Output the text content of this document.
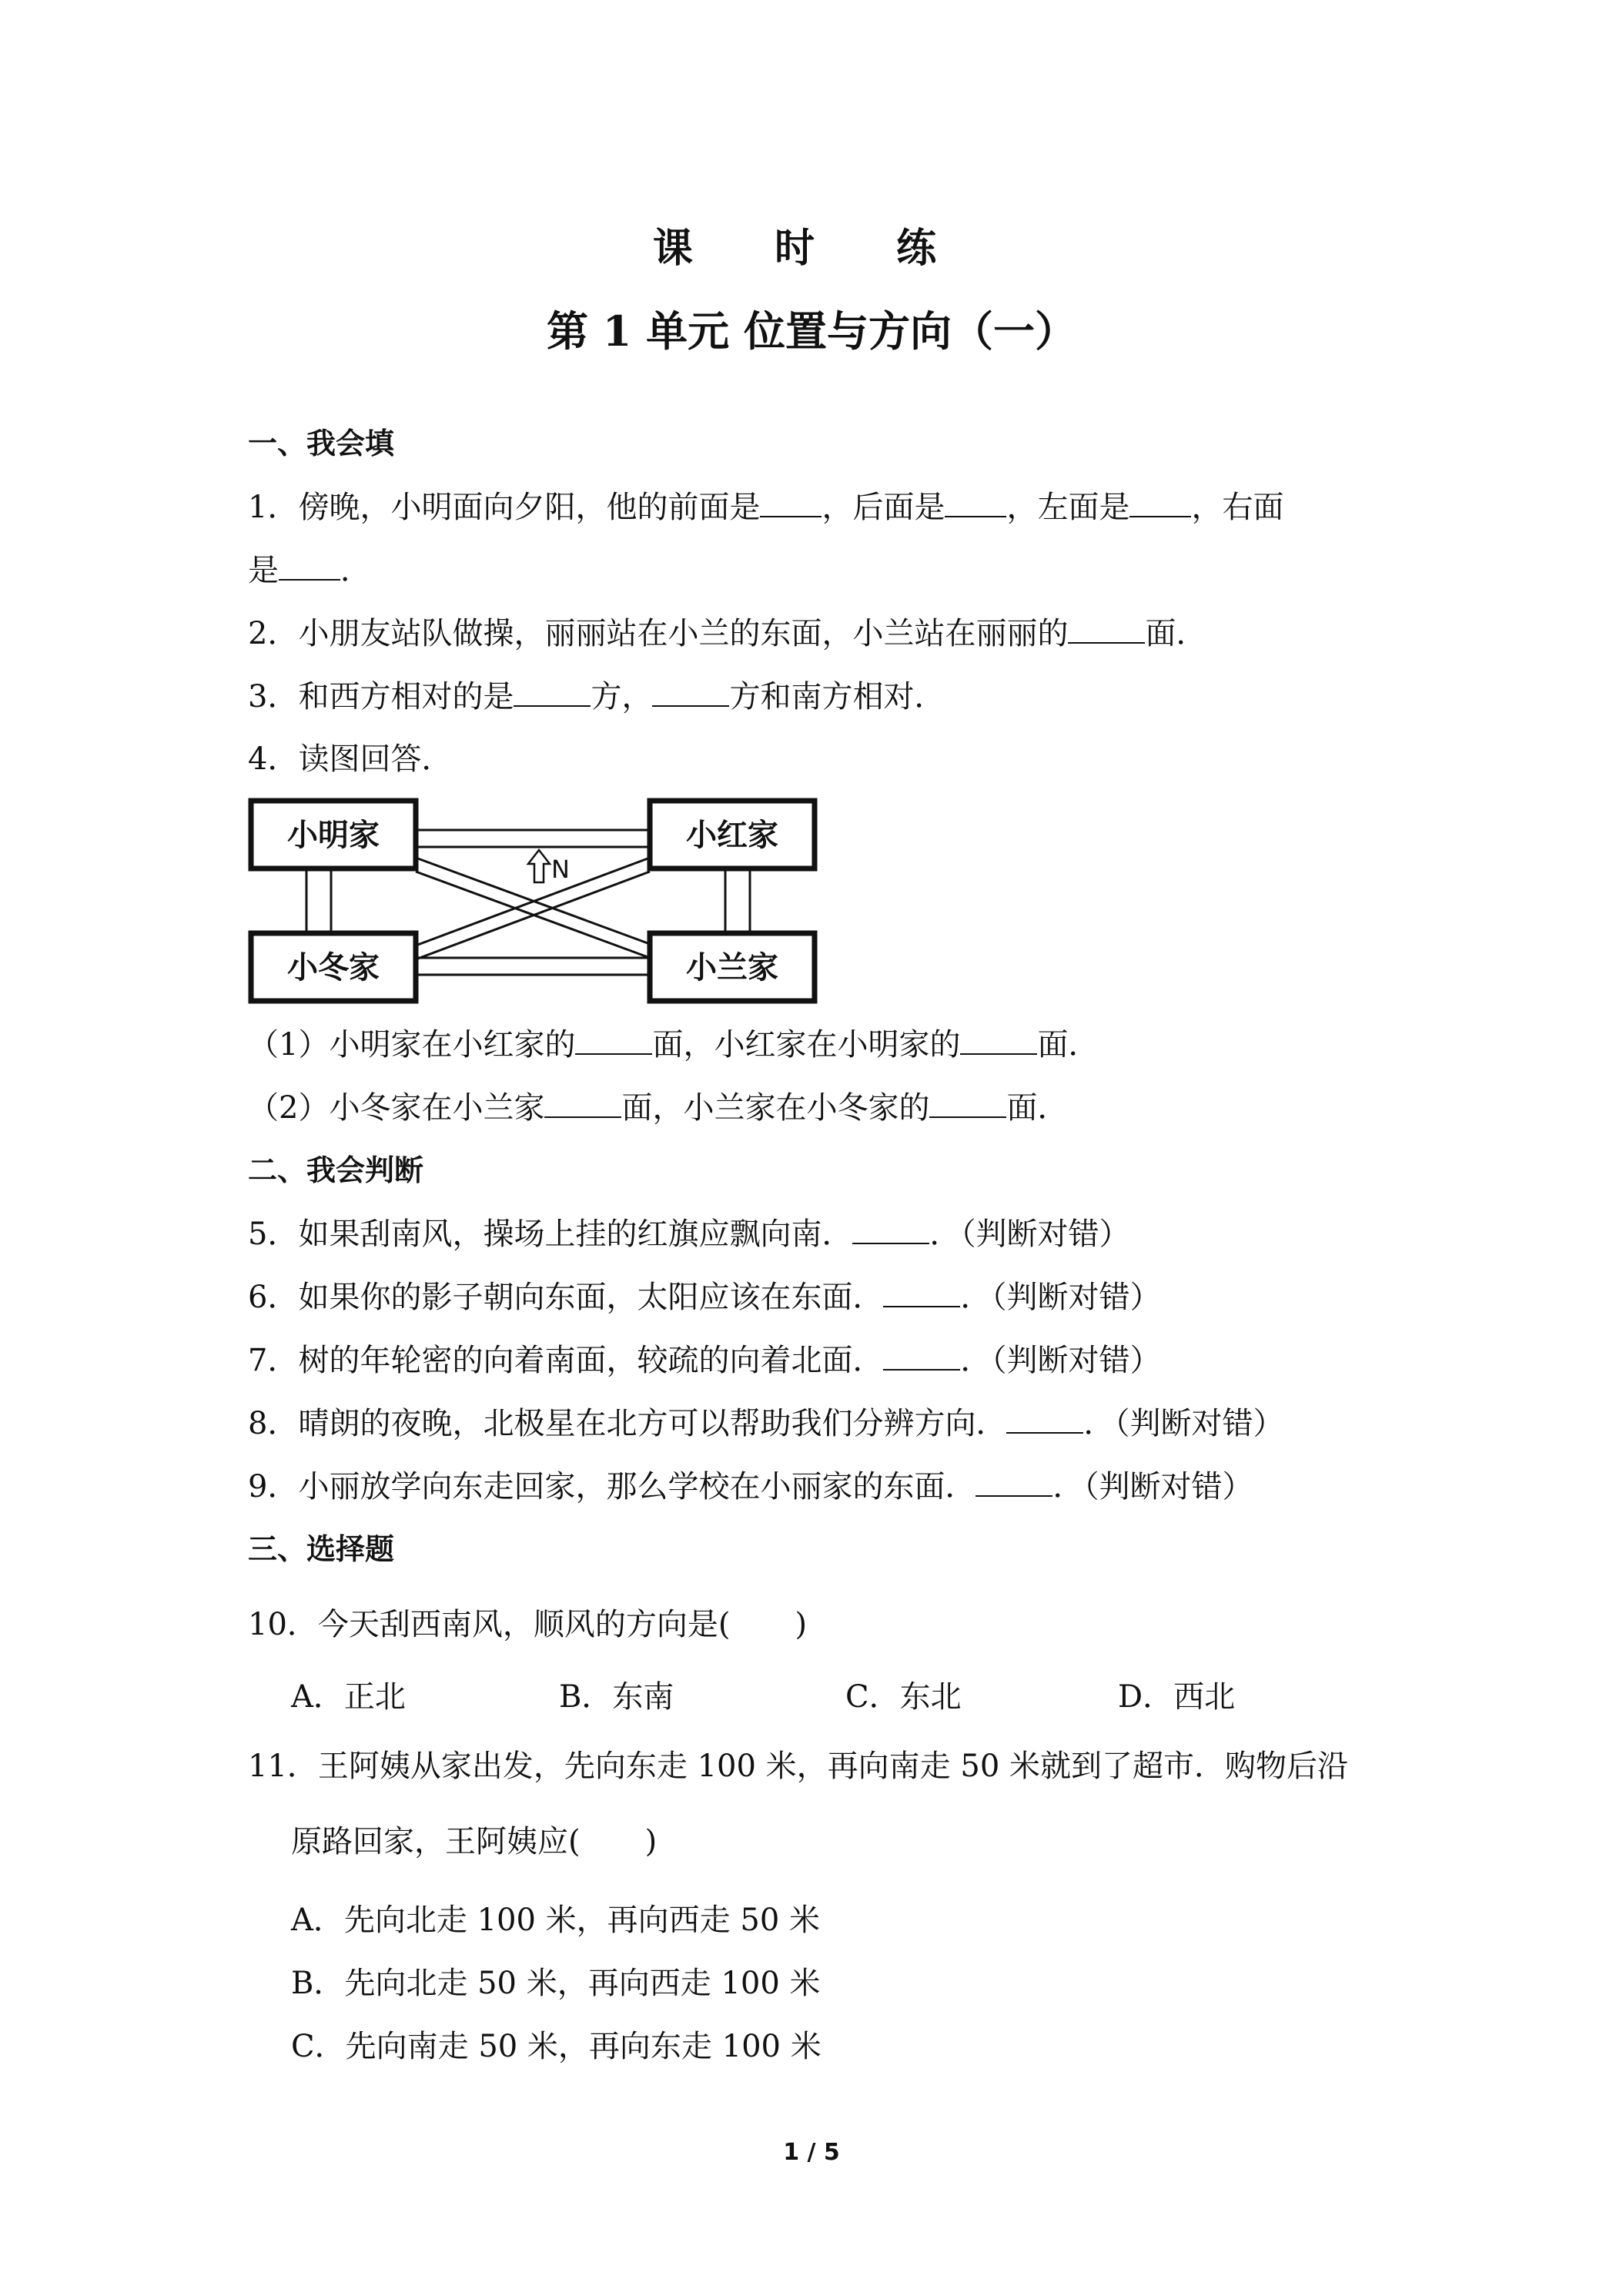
课 时 练
第 1 单元 位置与方向（一）
一、我会填
1．傍晚，小明面向夕阳，他的前面是 ，后面是 ，左面是 ，右面
是 ．
2．小朋友站队做操，丽丽站在小兰的东面，小兰站在丽丽的	面．
3．和西方相对的是	方，	方和南方相对．
4．读图回答．
N
小明家	小红家
小冬家	小兰家
（1）小明家在小红家的	面，小红家在小明家的	面．
（2）小冬家在小兰家	面，小兰家在小冬家的	面．
二、我会判断
5．如果刮南风，操场上挂的红旗应飘向南．	．（判断对错）
6．如果你的影子朝向东面，太阳应该在东面．	．（判断对错）
7．树的年轮密的向着南面，较疏的向着北面．	．（判断对错）
8．晴朗的夜晚，北极星在北方可以帮助我们分辨方向．	．（判断对错）
9．小丽放学向东走回家，那么学校在小丽家的东面．	．（判断对错）
三、选择题
10．今天刮西南风，顺风的方向是( )
A．正北	B．东南	C．东北	D．西北
11．王阿姨从家出发，先向东走 100 米，再向南走 50 米就到了超市．购物后沿
原路回家，王阿姨应( )
A．先向北走 100 米，再向西走 50 米
B．先向北走 50 米，再向西走 100 米
C．先向南走 50 米，再向东走 100 米
1 / 5
